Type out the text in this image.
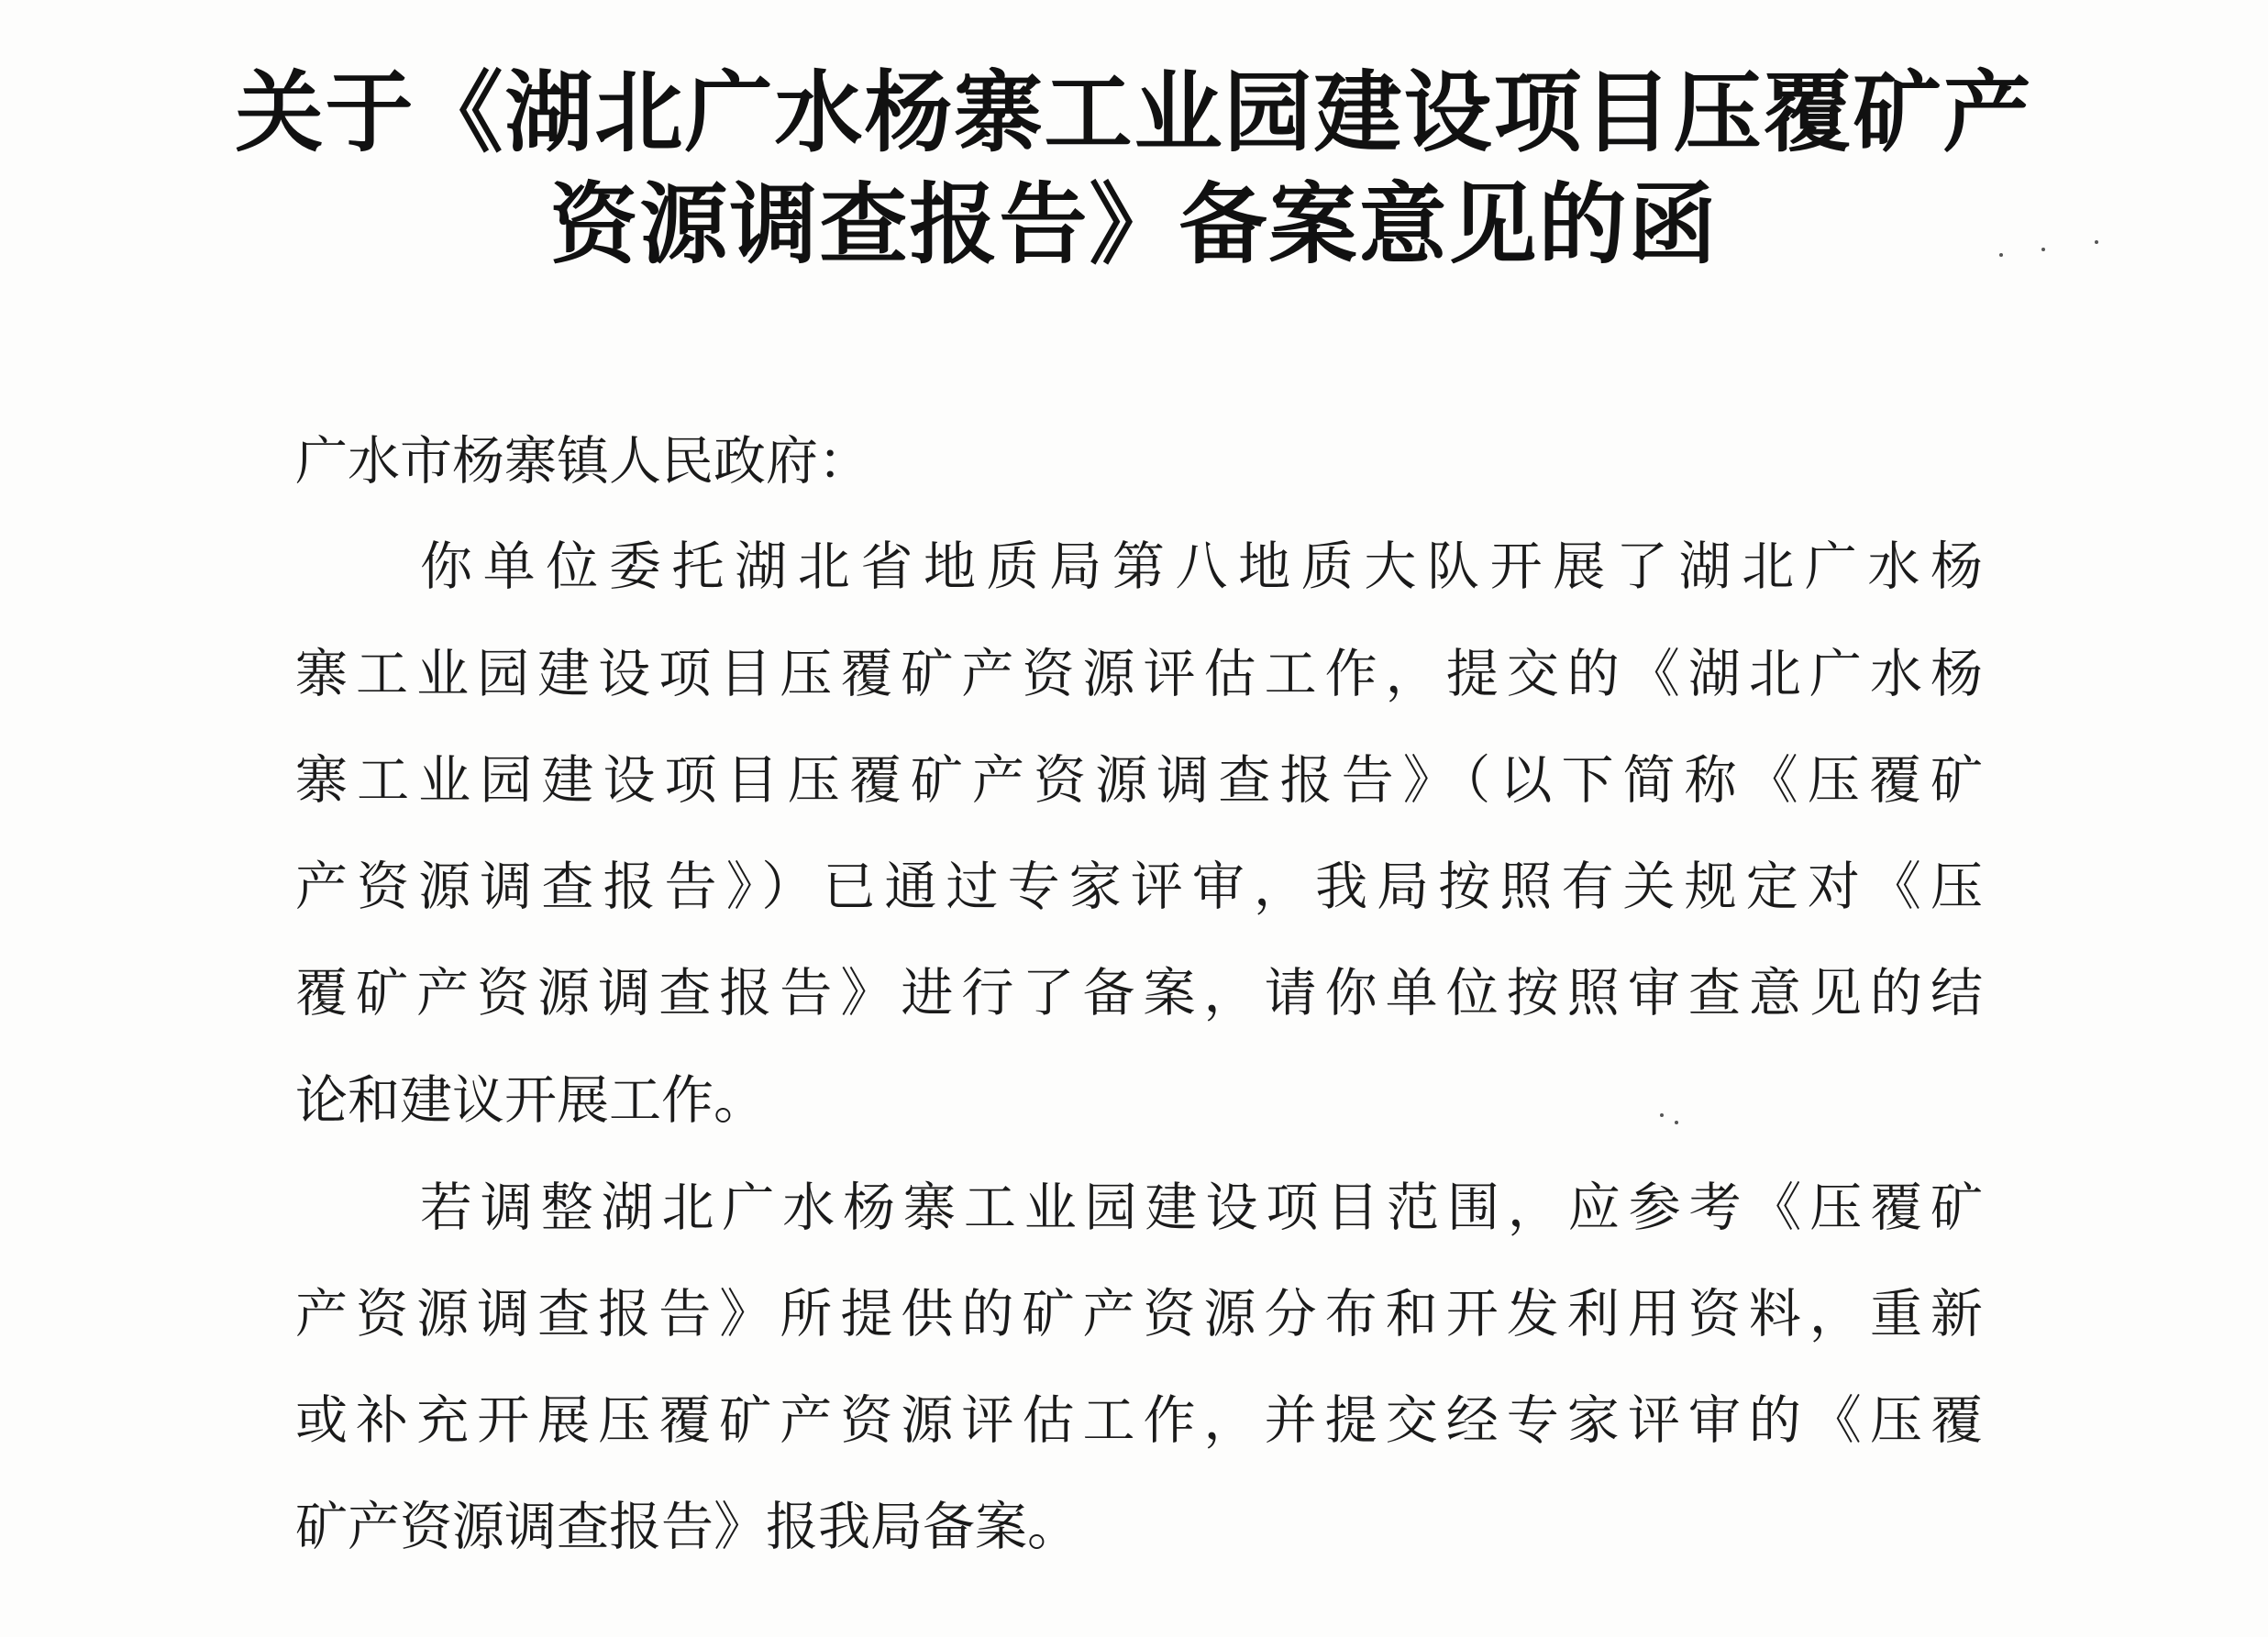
关于《湖北广水杨寨工业园建设项目压覆矿产
资源调查报告》备案意见的函
广水市杨寨镇人民政府：
你单位委托湖北省地质局第八地质大队开展了湖北广水杨
寨工业园建设项目压覆矿产资源评估工作，提交的《湖北广水杨
寨工业园建设项目压覆矿产资源调查报告》（以下简称《压覆矿
产资源调查报告》）已通过专家评审，我局按照有关规定对《压
覆矿产资源调查报告》进行了备案，请你单位按照审查意见的结
论和建议开展工作。
若调整湖北广水杨寨工业园建设项目范围，应参考《压覆矿
产资源调查报告》所提供的矿产资源分布和开发利用资料，重新
或补充开展压覆矿产资源评估工作，并提交经专家评审的《压覆
矿产资源调查报告》报我局备案。
